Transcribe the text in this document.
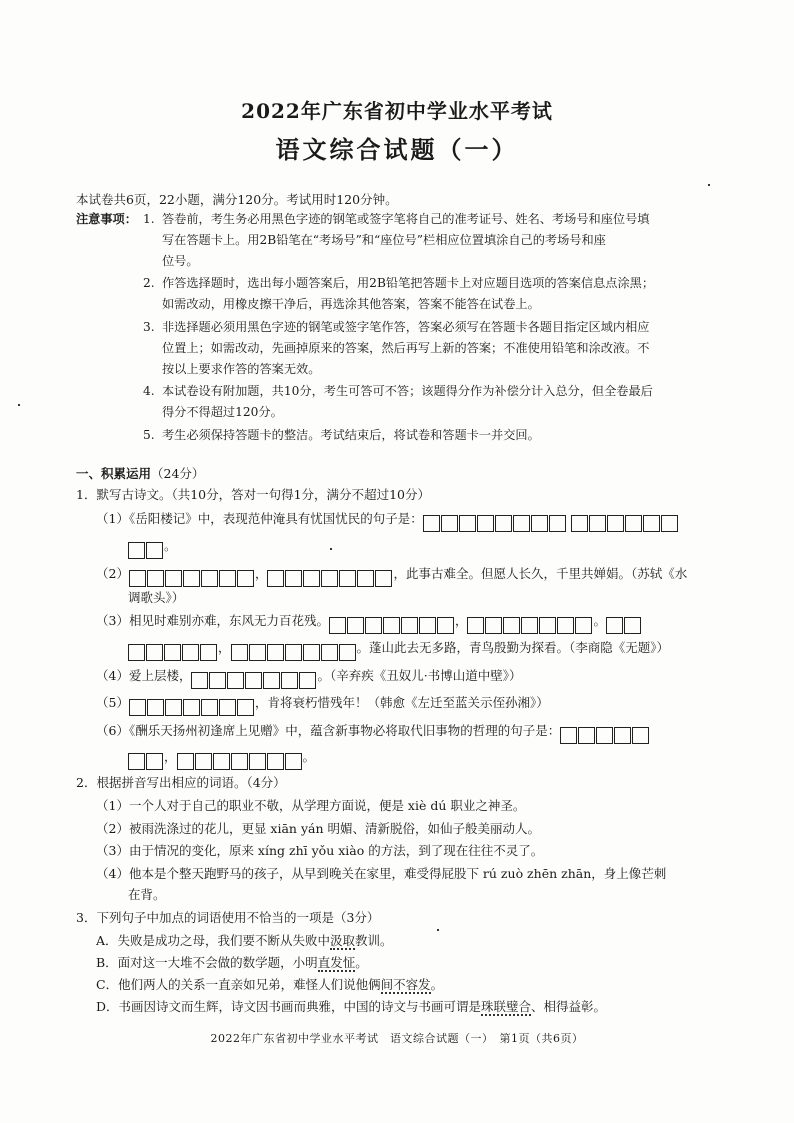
2022年广东省初中学业水平考试
语文综合试题（一）
本试卷共6页，22小题，满分120分。考试用时120分钟。
注意事项： 1. 答卷前，考生务必用黑色字迹的钢笔或签字笔将自己的准考证号、姓名、考场号和座位号填
写在答题卡上。用2B铅笔在“考场号”和“座位号”栏相应位置填涂自己的考场号和座
位号。
2. 作答选择题时，选出每小题答案后，用2B铅笔把答题卡上对应题目选项的答案信息点涂黑；
如需改动，用橡皮擦干净后，再选涂其他答案，答案不能答在试卷上。
3. 非选择题必须用黑色字迹的钢笔或签字笔作答，答案必须写在答题卡各题目指定区域内相应
位置上；如需改动，先画掉原来的答案，然后再写上新的答案；不准使用铅笔和涂改液。不
按以上要求作答的答案无效。
4. 本试卷设有附加题，共10分，考生可答可不答；该题得分作为补偿分计入总分，但全卷最后
得分不得超过120分。
5. 考生必须保持答题卡的整洁。考试结束后，将试卷和答题卡一并交回。
一、积累运用（24分）
1．默写古诗文。（共10分，答对一句得1分，满分不超过10分）
（1）《岳阳楼记》中，表现范仲淹具有忧国忧民的句子是：
。
（2）	，	，此事古难全。但愿人长久，千里共婵娟。（苏轼《水
调歌头》）
（3）相见时难别亦难，东风无力百花残。	，	。
，	。蓬山此去无多路，青鸟殷勤为探看。（李商隐《无题》）
（4）爱上层楼，	。（辛弃疾《丑奴儿·书博山道中壁》）
（5）	，肯将衰朽惜残年！（韩愈《左迁至蓝关示侄孙湘》）
（6）《酬乐天扬州初逢席上见赠》中，蕴含新事物必将取代旧事物的哲理的句子是：
，	。
2．根据拼音写出相应的词语。（4分）
（1）一个人对于自己的职业不敬，从学理方面说，便是 xiè dú 职业之神圣。
（2）被雨洗涤过的花儿，更显 xiān yán 明媚、清新脱俗，如仙子般美丽动人。
（3）由于情况的变化，原来 xíng zhī yǒu xiào 的方法，到了现在往往不灵了。
（4）他本是个整天跑野马的孩子，从早到晚关在家里，难受得屁股下 rú zuò zhēn zhān，身上像芒刺
在背。
3．下列句子中加点的词语使用不恰当的一项是（3分）
A．失败是成功之母，我们要不断从失败中汲取教训。
B．面对这一大堆不会做的数学题，小明直发怔。
C．他们两人的关系一直亲如兄弟，难怪人们说他俩间不容发。
D．书画因诗文而生辉，诗文因书画而典雅，中国的诗文与书画可谓是珠联璧合、相得益彰。
2022年广东省初中学业水平考试　语文综合试题（一）　第1页（共6页）
